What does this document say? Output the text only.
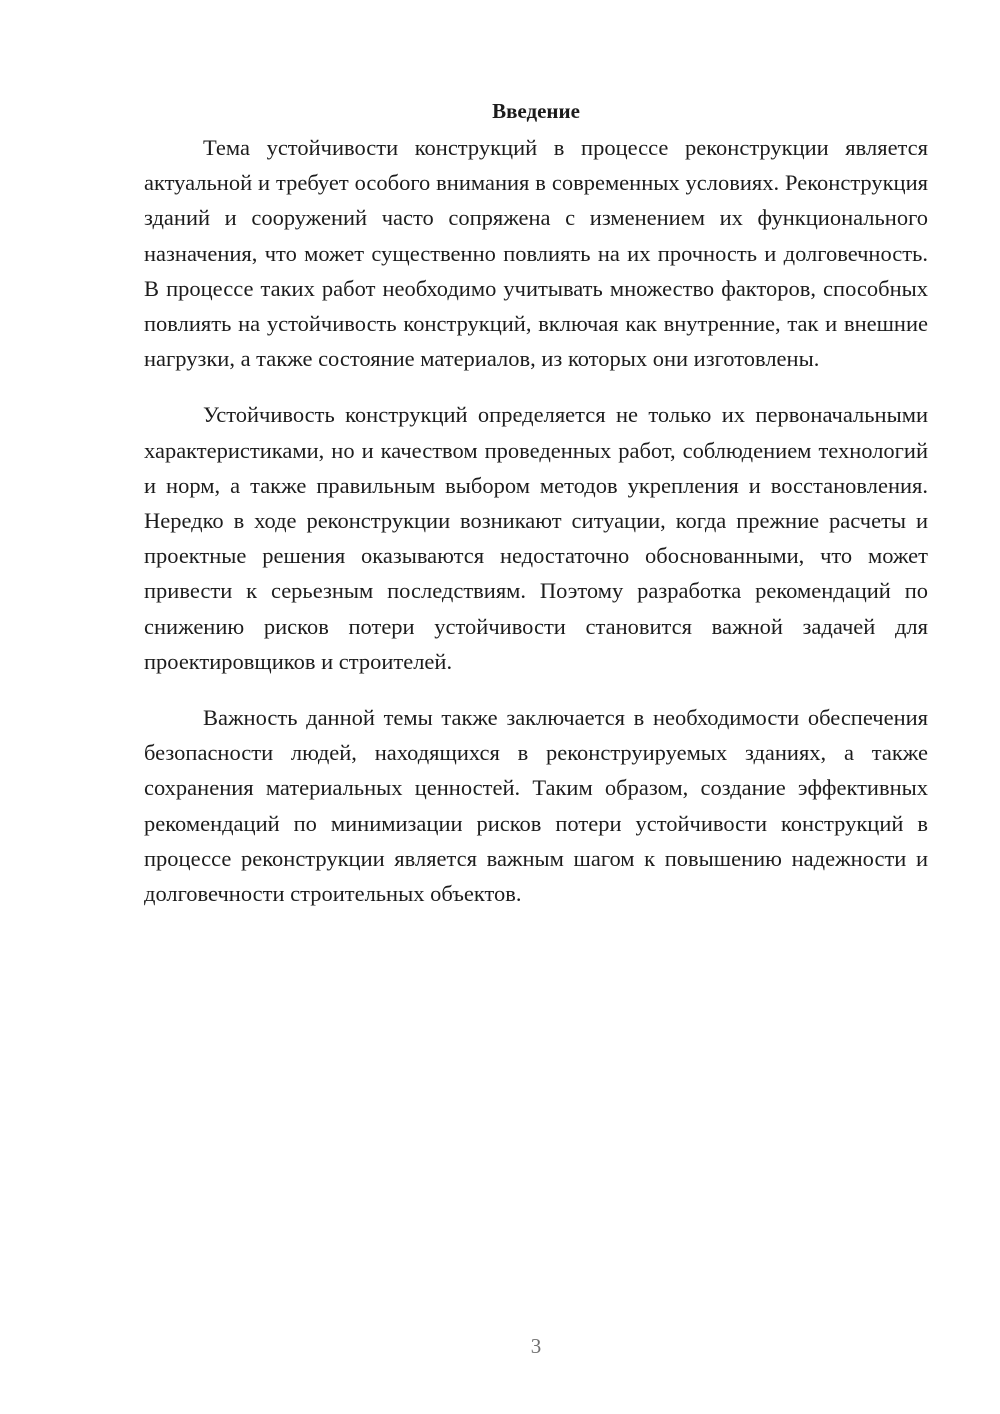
Введение

Тема устойчивости конструкций в процессе реконструкции является актуальной и требует особого внимания в современных условиях. Реконструкция зданий и сооружений часто сопряжена с изменением их функционального назначения, что может существенно повлиять на их прочность и долговечность. В процессе таких работ необходимо учитывать множество факторов, способных повлиять на устойчивость конструкций, включая как внутренние, так и внешние нагрузки, а также состояние материалов, из которых они изготовлены.

Устойчивость конструкций определяется не только их первоначальными характеристиками, но и качеством проведенных работ, соблюдением технологий и норм, а также правильным выбором методов укрепления и восстановления. Нередко в ходе реконструкции возникают ситуации, когда прежние расчеты и проектные решения оказываются недостаточно обоснованными, что может привести к серьезным последствиям. Поэтому разработка рекомендаций по снижению рисков потери устойчивости становится важной задачей для проектировщиков и строителей.

Важность данной темы также заключается в необходимости обеспечения безопасности людей, находящихся в реконструируемых зданиях, а также сохранения материальных ценностей. Таким образом, создание эффективных рекомендаций по минимизации рисков потери устойчивости конструкций в процессе реконструкции является важным шагом к повышению надежности и долговечности строительных объектов.

3
